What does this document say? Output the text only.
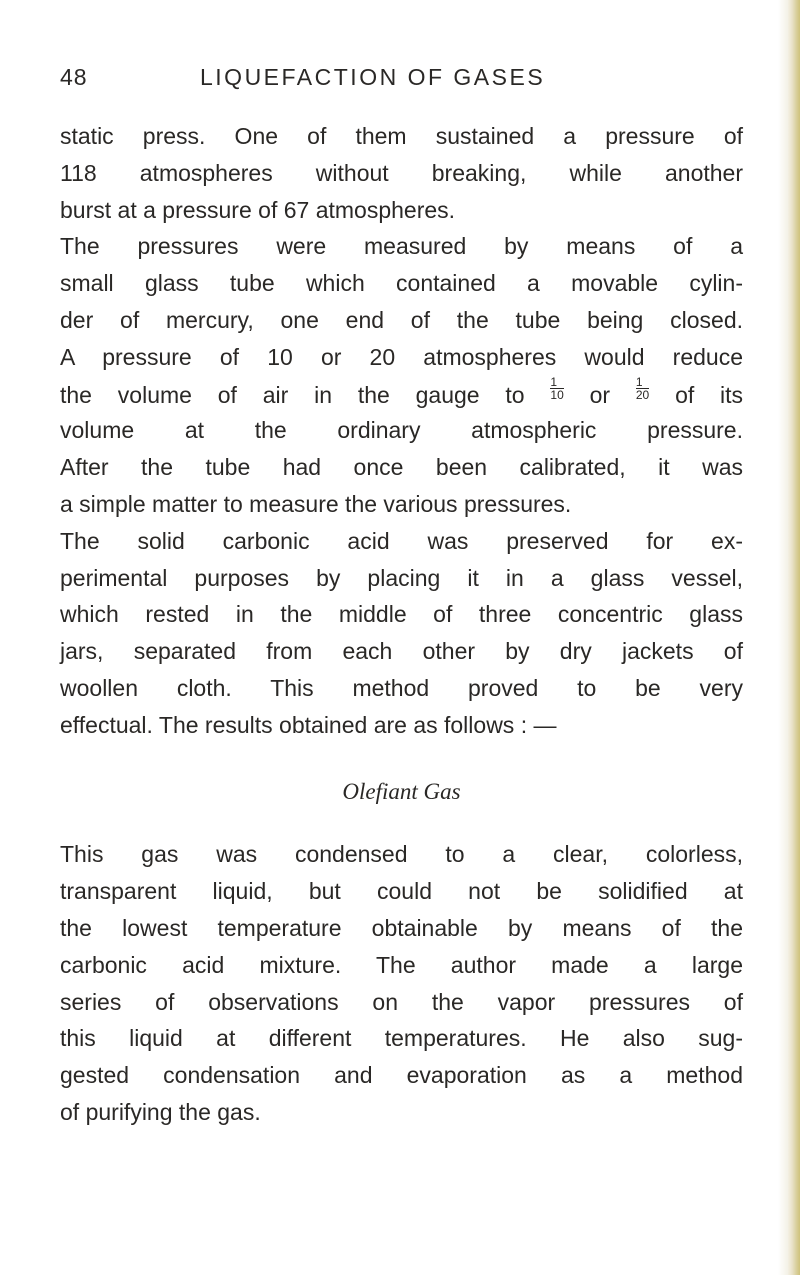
48	LIQUEFACTION OF GASES
static press. One of them sustained a pressure of
118 atmospheres without breaking, while another
burst at a pressure of 67 atmospheres.
The pressures were measured by means of a
small glass tube which contained a movable cylin-
der of mercury, one end of the tube being closed.
A pressure of 10 or 20 atmospheres would reduce
the volume of air in the gauge to $\frac{1}{10}$ or $\frac{1}{20}$ of its
volume at the ordinary atmospheric pressure.
After the tube had once been calibrated, it was
a simple matter to measure the various pressures.
The solid carbonic acid was preserved for ex-
perimental purposes by placing it in a glass vessel,
which rested in the middle of three concentric glass
jars, separated from each other by dry jackets of
woollen cloth. This method proved to be very
effectual. The results obtained are as follows : —
Olefiant Gas
This gas was condensed to a clear, colorless,
transparent liquid, but could not be solidified at
the lowest temperature obtainable by means of the
carbonic acid mixture. The author made a large
series of observations on the vapor pressures of
this liquid at different temperatures. He also sug-
gested condensation and evaporation as a method
of purifying the gas.
